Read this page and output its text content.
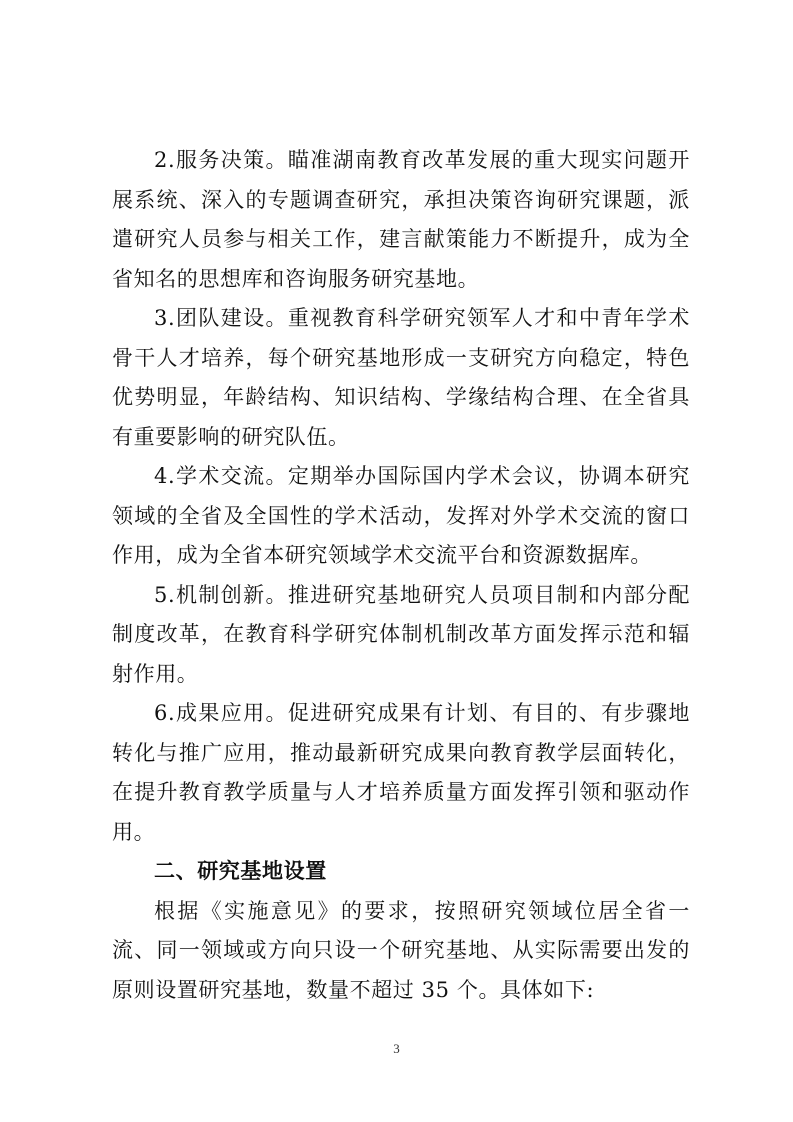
2.服务决策。瞄准湖南教育改革发展的重大现实问题开展系统、深入的专题调查研究，承担决策咨询研究课题，派遣研究人员参与相关工作，建言献策能力不断提升，成为全省知名的思想库和咨询服务研究基地。

3.团队建设。重视教育科学研究领军人才和中青年学术骨干人才培养，每个研究基地形成一支研究方向稳定，特色优势明显，年龄结构、知识结构、学缘结构合理、在全省具有重要影响的研究队伍。

4.学术交流。定期举办国际国内学术会议，协调本研究领域的全省及全国性的学术活动，发挥对外学术交流的窗口作用，成为全省本研究领域学术交流平台和资源数据库。

5.机制创新。推进研究基地研究人员项目制和内部分配制度改革，在教育科学研究体制机制改革方面发挥示范和辐射作用。

6.成果应用。促进研究成果有计划、有目的、有步骤地转化与推广应用，推动最新研究成果向教育教学层面转化，在提升教育教学质量与人才培养质量方面发挥引领和驱动作用。

二、研究基地设置

根据《实施意见》的要求，按照研究领域位居全省一流、同一领域或方向只设一个研究基地、从实际需要出发的原则设置研究基地，数量不超过 35 个。具体如下:

3
